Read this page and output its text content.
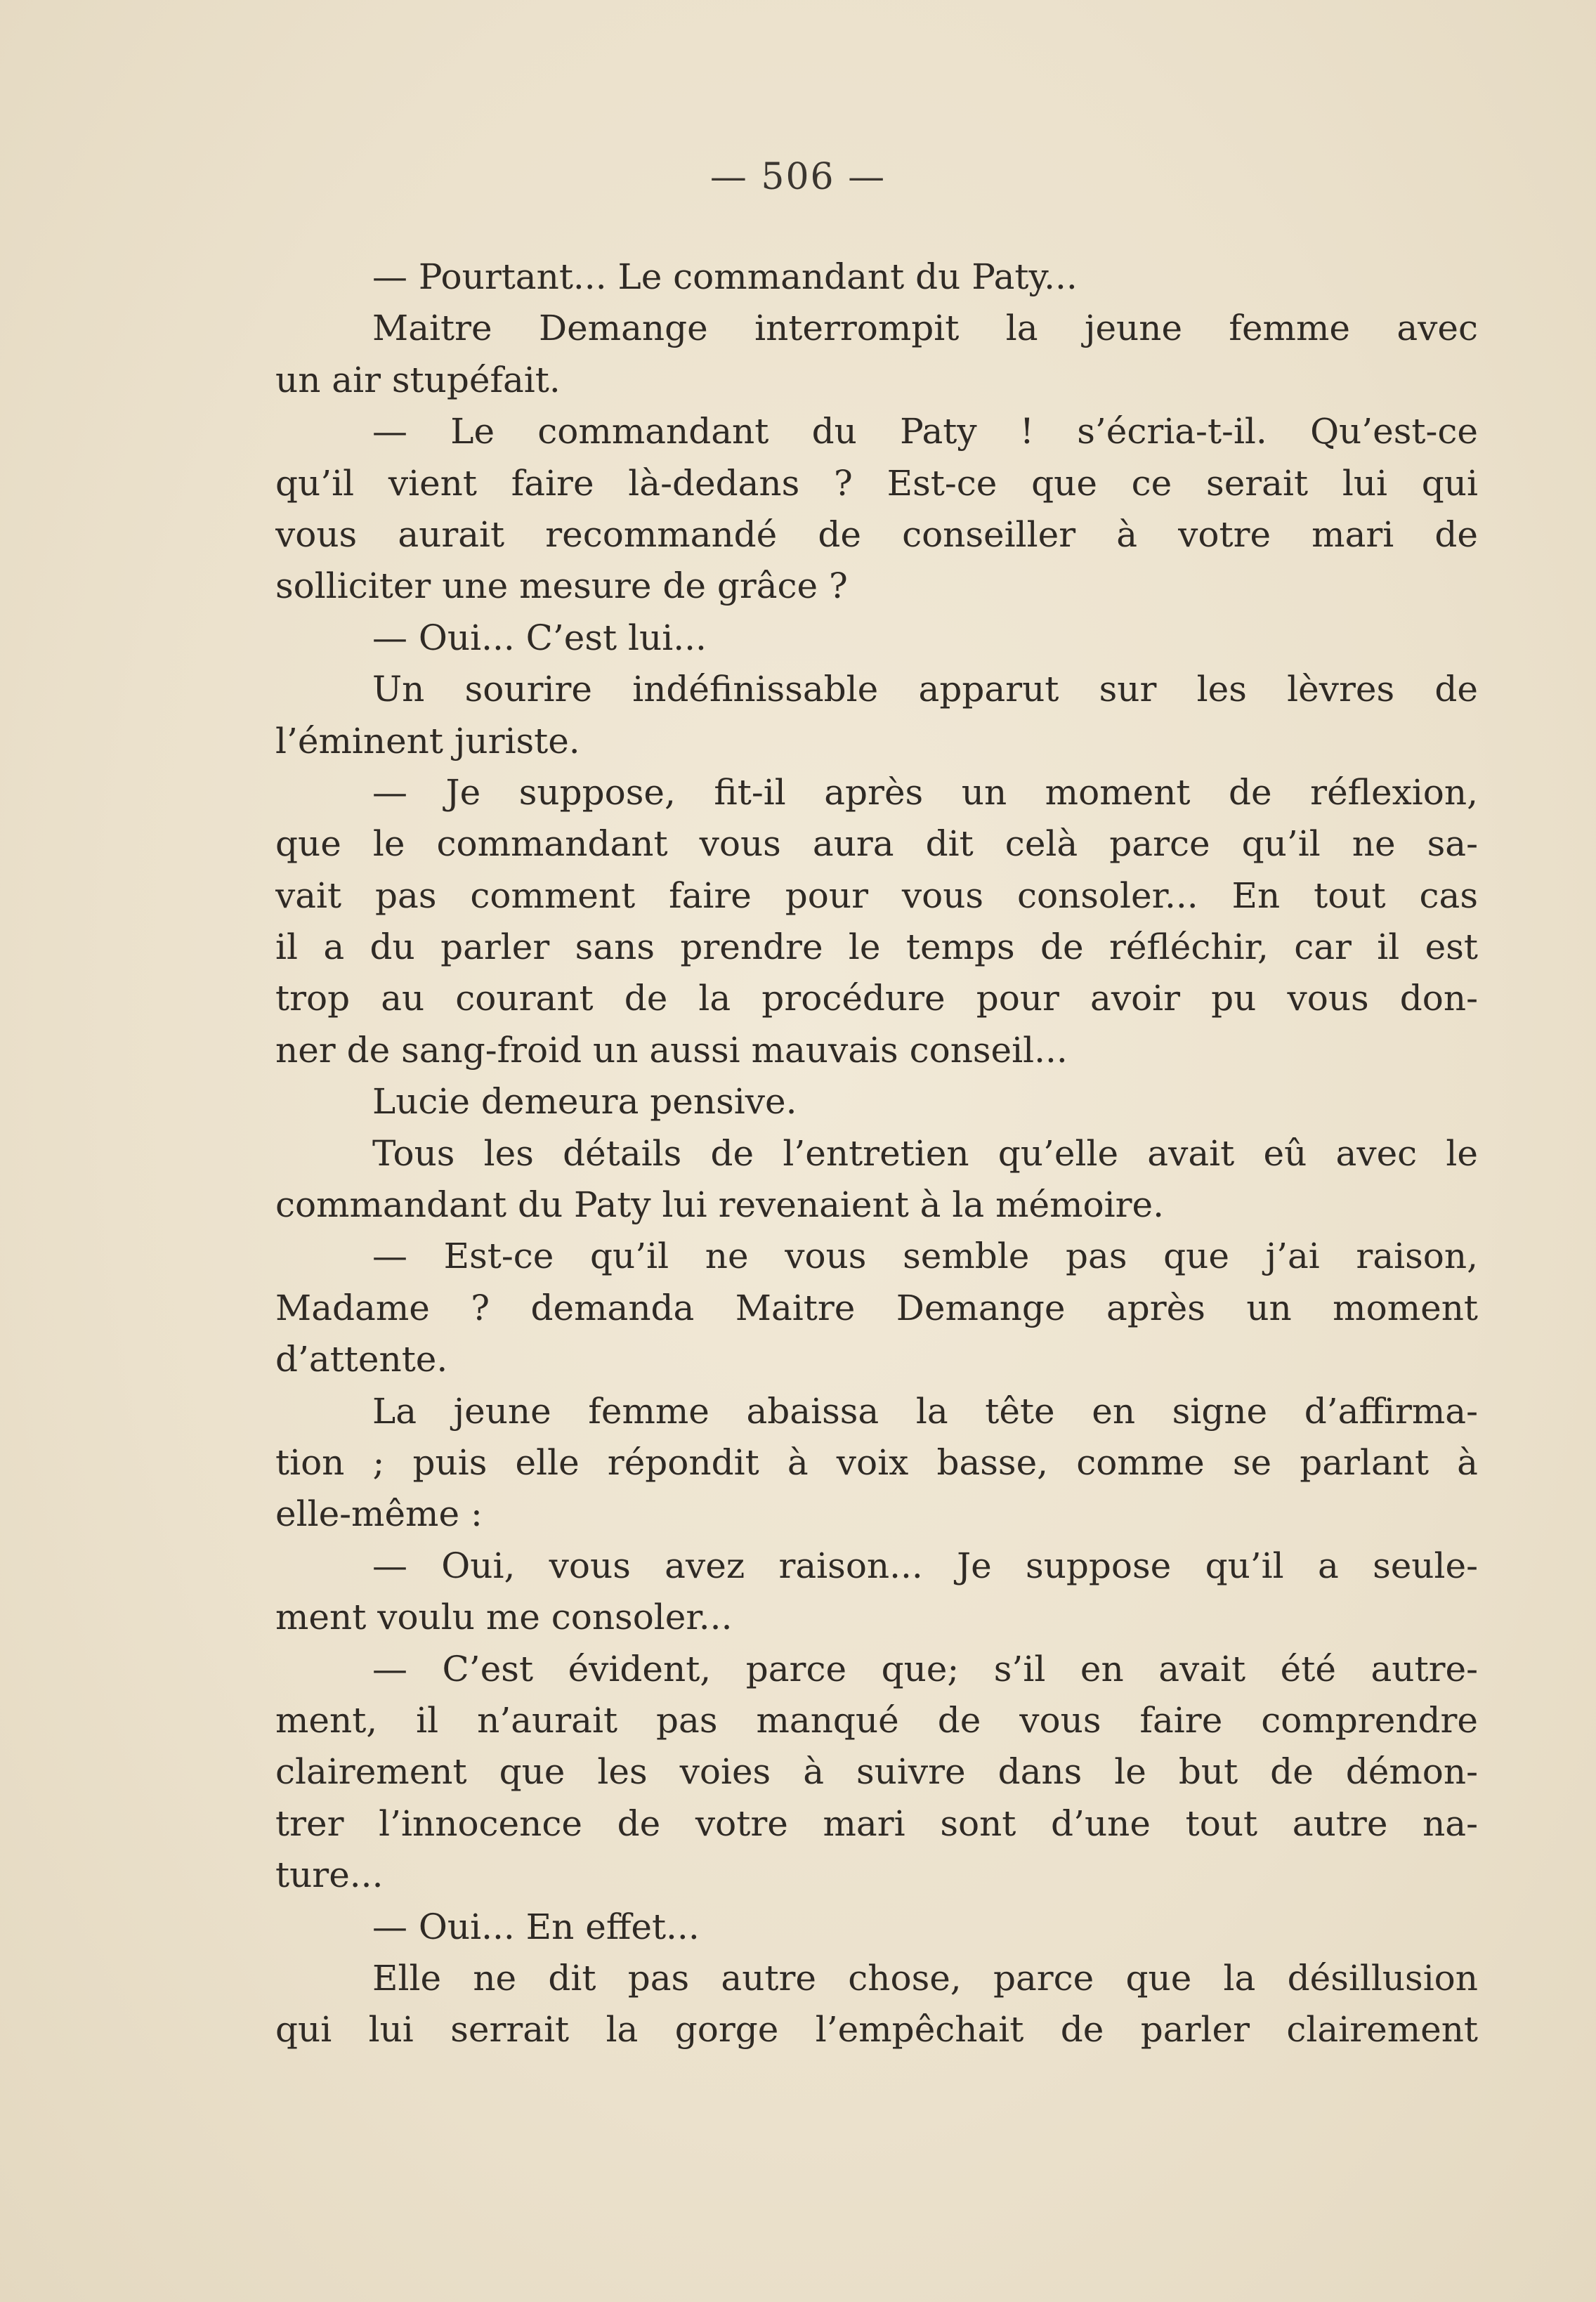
— 506 —
— Pourtant... Le commandant du Paty...
Maitre Demange interrompit la jeune femme avec
un air stupéfait.
— Le commandant du Paty ! s’écria-t-il. Qu’est-ce
qu’il vient faire là-dedans ? Est-ce que ce serait lui qui
vous aurait recommandé de conseiller à votre mari de
solliciter une mesure de grâce ?
— Oui... C’est lui...
Un sourire indéfinissable apparut sur les lèvres de
l’éminent juriste.
— Je suppose, fit-il après un moment de réflexion,
que le commandant vous aura dit celà parce qu’il ne sa-
vait pas comment faire pour vous consoler... En tout cas
il a du parler sans prendre le temps de réfléchir, car il est
trop au courant de la procédure pour avoir pu vous don-
ner de sang-froid un aussi mauvais conseil...
Lucie demeura pensive.
Tous les détails de l’entretien qu’elle avait eû avec le
commandant du Paty lui revenaient à la mémoire.
— Est-ce qu’il ne vous semble pas que j’ai raison,
Madame ? demanda Maitre Demange après un moment
d’attente.
La jeune femme abaissa la tête en signe d’affirma-
tion ; puis elle répondit à voix basse, comme se parlant à
elle-même :
— Oui, vous avez raison... Je suppose qu’il a seule-
ment voulu me consoler...
— C’est évident, parce que; s’il en avait été autre-
ment, il n’aurait pas manqué de vous faire comprendre
clairement que les voies à suivre dans le but de démon-
trer l’innocence de votre mari sont d’une tout autre na-
ture...
— Oui... En effet...
Elle ne dit pas autre chose, parce que la désillusion
qui lui serrait la gorge l’empêchait de parler clairement
